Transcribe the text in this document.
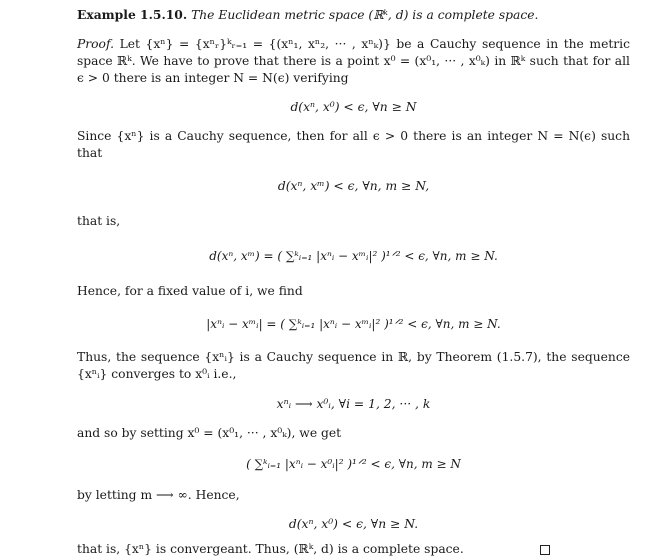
Example 1.5.10. The Euclidean metric space (ℝᵏ, d) is a complete space.

Proof. Let {xⁿ} = {xⁿᵣ}ᵏᵣ₌₁ = {(xⁿ₁, xⁿ₂, ··· , xⁿₖ)} be a Cauchy sequence in the metric space ℝᵏ. We have to prove that there is a point x⁰ = (x⁰₁, ··· , x⁰ₖ) in ℝᵏ such that for all ϵ > 0 there is an integer N = N(ϵ) verifying

d(xⁿ, x⁰) < ϵ, ∀n ≥ N

Since {xⁿ} is a Cauchy sequence, then for all ϵ > 0 there is an integer N = N(ϵ) such that

d(xⁿ, xᵐ) < ϵ, ∀n, m ≥ N,

that is,

d(xⁿ, xᵐ) = ( ∑ᵏᵢ₌₁ |xⁿᵢ − xᵐᵢ|² )¹ᐟ² < ϵ, ∀n, m ≥ N.

Hence, for a fixed value of i, we find

|xⁿᵢ − xᵐᵢ| = ( ∑ᵏᵢ₌₁ |xⁿᵢ − xᵐᵢ|² )¹ᐟ² < ϵ, ∀n, m ≥ N.

Thus, the sequence {xⁿᵢ} is a Cauchy sequence in ℝ, by Theorem (1.5.7), the sequence {xⁿᵢ} converges to x⁰ᵢ i.e.,

xⁿᵢ ⟶ x⁰ᵢ, ∀i = 1, 2, ··· , k

and so by setting x⁰ = (x⁰₁, ··· , x⁰ₖ), we get

( ∑ᵏᵢ₌₁ |xⁿᵢ − x⁰ᵢ|² )¹ᐟ² < ϵ, ∀n, m ≥ N

by letting m ⟶ ∞. Hence,

d(xⁿ, x⁰) < ϵ, ∀n ≥ N.

that is, {xⁿ} is convergeant. Thus, (ℝᵏ, d) is a complete space.
